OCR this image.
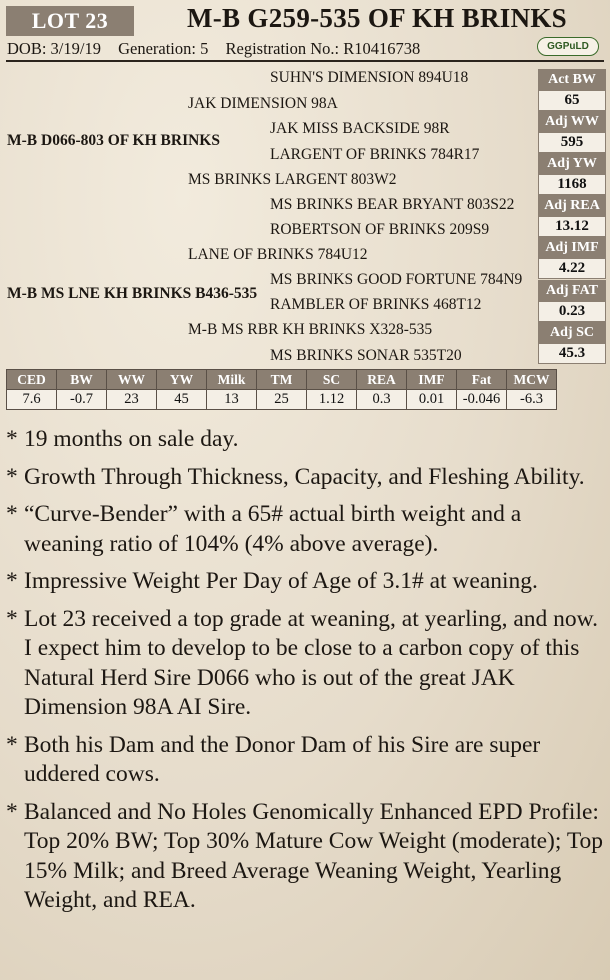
LOT 23	M-B G259-535 OF KH BRINKS
DOB: 3/19/19 Generation: 5 Registration No.: R10416738	GGPuLD
SUHN'S DIMENSION 894U18
JAK DIMENSION 98A
JAK MISS BACKSIDE 98R
M-B D066-803 OF KH BRINKS
LARGENT OF BRINKS 784R17
MS BRINKS LARGENT 803W2
MS BRINKS BEAR BRYANT 803S22
ROBERTSON OF BRINKS 209S9
LANE OF BRINKS 784U12
MS BRINKS GOOD FORTUNE 784N9
M-B MS LNE KH BRINKS B436-535
RAMBLER OF BRINKS 468T12
M-B MS RBR KH BRINKS X328-535
MS BRINKS SONAR 535T20
Act BW
65
Adj WW
595
Adj YW
1168
Adj REA
13.12
Adj IMF
4.22
Adj FAT
0.23
Adj SC
45.3
CED	BW	WW	YW	Milk	TM	SC	REA	IMF	Fat	MCW
7.6	-0.7	23	45	13	25	1.12	0.3	0.01	-0.046	-6.3
* 19 months on sale day.
* Growth Through Thickness, Capacity, and Fleshing Ability.
* “Curve-Bender” with a 65# actual birth weight and a weaning ratio of 104% (4% above average).
* Impressive Weight Per Day of Age of 3.1# at weaning.
* Lot 23 received a top grade at weaning, at yearling, and now. I expect him to develop to be close to a carbon copy of this Natural Herd Sire D066 who is out of the great JAK Dimension 98A AI Sire.
* Both his Dam and the Donor Dam of his Sire are super uddered cows.
* Balanced and No Holes Genomically Enhanced EPD Profile: Top 20% BW; Top 30% Mature Cow Weight (moderate); Top 15% Milk; and Breed Average Weaning Weight, Yearling Weight, and REA.
